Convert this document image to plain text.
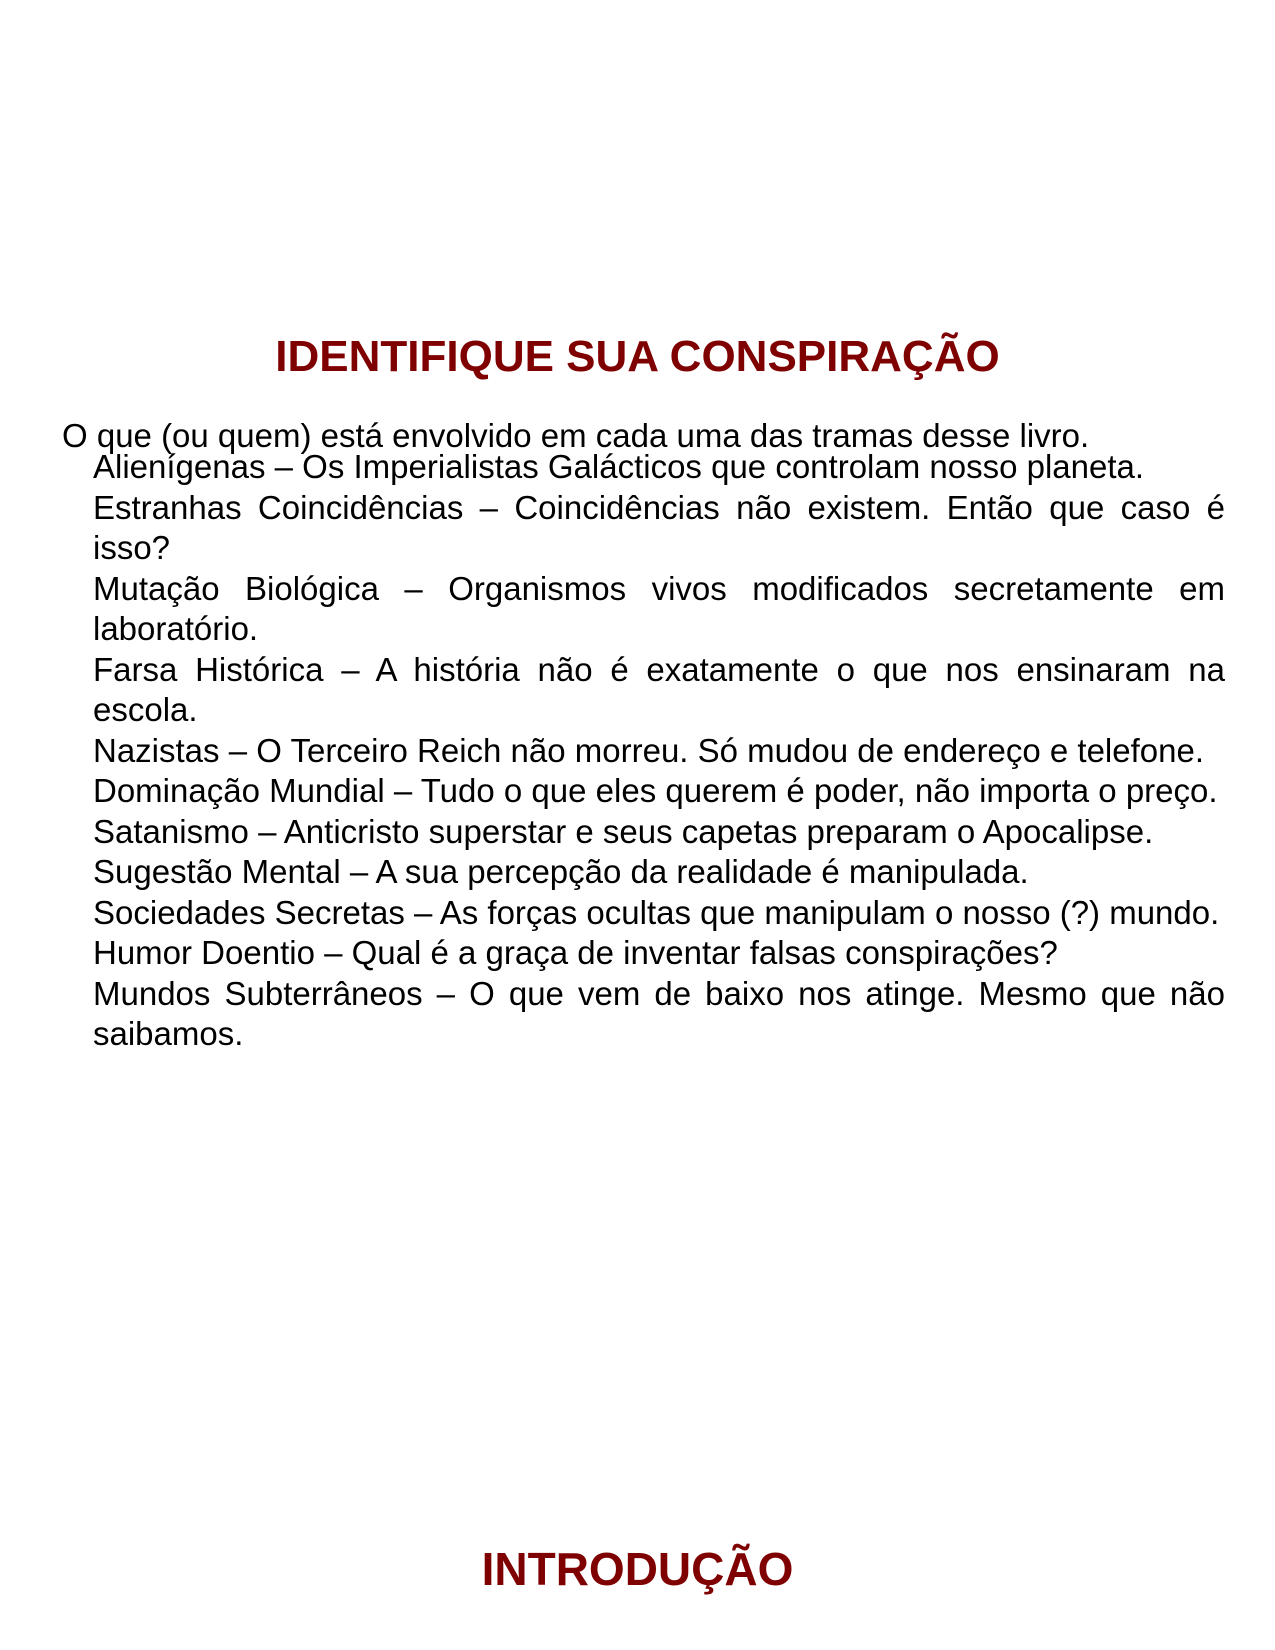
IDENTIFIQUE SUA CONSPIRAÇÃO

O que (ou quem) está envolvido em cada uma das tramas desse livro.

Alienígenas – Os Imperialistas Galácticos que controlam nosso planeta.
Estranhas Coincidências – Coincidências não existem. Então que caso é isso?
Mutação Biológica – Organismos vivos modificados secretamente em laboratório.
Farsa Histórica – A história não é exatamente o que nos ensinaram na escola.
Nazistas – O Terceiro Reich não morreu. Só mudou de endereço e telefone.
Dominação Mundial – Tudo o que eles querem é poder, não importa o preço.
Satanismo – Anticristo superstar e seus capetas preparam o Apocalipse.
Sugestão Mental – A sua percepção da realidade é manipulada.
Sociedades Secretas – As forças ocultas que manipulam o nosso (?) mundo.
Humor Doentio – Qual é a graça de inventar falsas conspirações?
Mundos Subterrâneos – O que vem de baixo nos atinge. Mesmo que não saibamos.
INTRODUÇÃO
